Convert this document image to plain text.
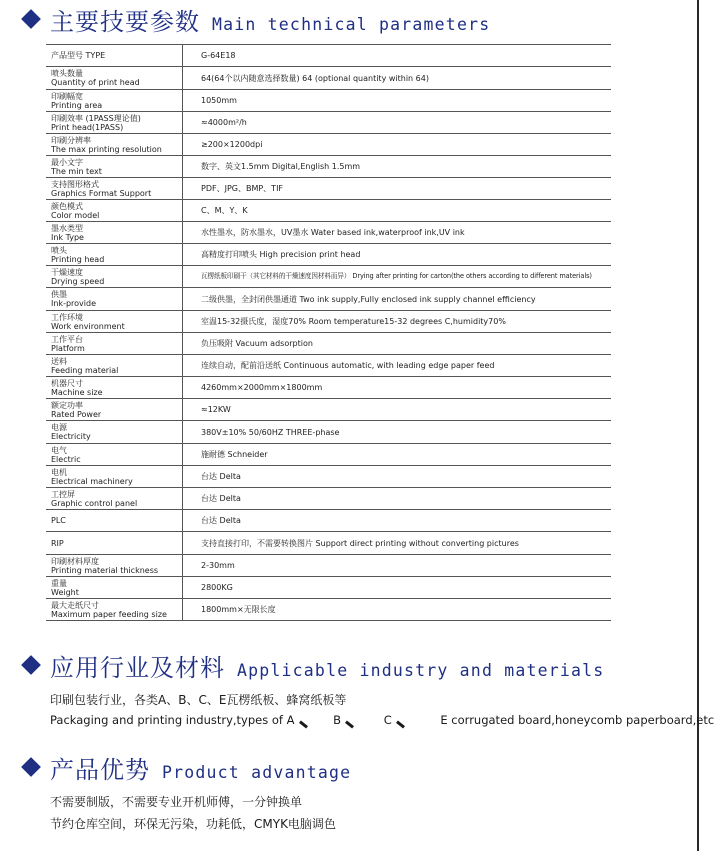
主要技要参数 Main technical parameters
产品型号 TYPE	G-64E18

喷头数量
Quantity of print head	64(64个以内随意选择数量) 64 (optional quantity within 64)

印刷幅宽
Printing area	1050mm

印刷效率 (1PASS理论值)
Print head(1PASS)	≈4000m²/h

印刷分辨率
The max printing resolution	≥200×1200dpi

最小文字
The min text	数字、英文1.5mm Digital,English 1.5mm

支持图形格式
Graphics Format Support	PDF、JPG、BMP、TIF

颜色模式
Color model	C、M、Y、K

墨水类型
Ink Type	水性墨水，防水墨水，UV墨水 Water based ink,waterproof ink,UV ink

喷头
Printing head	高精度打印喷头 High precision print head

干燥速度
Drying speed	瓦楞纸板印刷干（其它材料的干燥速度因材料而异） Drying after printing for carton(the others according to different materials)

供墨
Ink-provide	二级供墨，全封闭供墨通道 Two ink supply,Fully enclosed ink supply channel efficiency

工作环境
Work environment	室温15-32摄氏度，湿度70% Room temperature15-32 degrees C,humidity70%

工作平台
Platform	负压吸附 Vacuum adsorption

送料
Feeding material	连续自动，配前沿送纸 Continuous automatic, with leading edge paper feed

机器尺寸
Machine size	4260mm×2000mm×1800mm

额定功率
Rated Power	≈12KW

电源
Electricity	380V±10% 50/60HZ THREE-phase

电气
Electric	施耐德 Schneider

电机
Electrical machinery	台达 Delta

工控屏
Graphic control panel	台达 Delta

PLC	台达 Delta

RIP	支持直接打印，不需要转换图片 Support direct printing without converting pictures

印刷材料厚度
Printing material thickness	2-30mm

重量
Weight	2800KG

最大走纸尺寸
Maximum paper feeding size	1800mm×无限长度
应用行业及材料 Applicable industry and materials
印刷包装行业，各类A、B、C、E瓦楞纸板、蜂窝纸板等
Packaging and printing industry,types of A	B	C	E corrugated board,honeycomb paperboard,etc
产品优势 Product advantage
不需要制版，不需要专业开机师傅，一分钟换单
节约仓库空间，环保无污染，功耗低，CMYK电脑调色
